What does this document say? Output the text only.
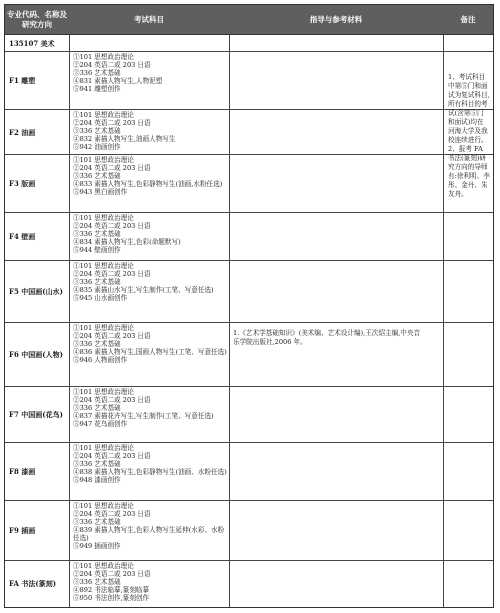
专业代码、名称及研究方向
考试科目	指导与参考材料	备注
135107 美术
F1 雕塑
①101 思想政治理论
②204 英语二或 203 日语
③336 艺术基础
④831 素描人物写生,人物泥塑
⑤941 雕塑创作
F2 油画
①101 思想政治理论
②204 英语二或 203 日语
③336 艺术基础
④832 素描人物写生,油画人物写生
⑤942 油画创作
F3 版画
①101 思想政治理论
②204 英语二或 203 日语
③336 艺术基础
④833 素描人物写生,色彩静物写生(油画,水粉任选)
⑤943 黑白画创作
F4 壁画
①101 思想政治理论
②204 英语二或 203 日语
③336 艺术基础
④834 素描人物写生,色彩(命题默写)
⑤944 壁画创作
F5 中国画(山水)
①101 思想政治理论
②204 英语二或 203 日语
③336 艺术基础
④835 素描山水写生,写生制作(工笔、写意任选)
⑤945 山水画创作
F6 中国画(人物)
①101 思想政治理论
②204 英语二或 203 日语
③336 艺术基础
④836 素描人物写生,国画人物写生(工笔、写意任选)
⑤946 人物画创作
F7 中国画(花鸟)
①101 思想政治理论
②204 英语二或 203 日语
③336 艺术基础
④837 素描花卉写生,写生制作(工笔、写意任选)
⑤947 花鸟画创作
F8 漆画
①101 思想政治理论
②204 英语二或 203 日语
③336 艺术基础
④838 素描人物写生,色彩静物写生(油画、水粉任选)
⑤948 漆画创作
F9 插画
①101 思想政治理论
②204 英语二或 203 日语
③336 艺术基础
④839 素描人物写生,色彩人物写生延伸(水彩、水粉任选)
⑤949 插画创作
FA 书法(篆刻)
①101 思想政治理论
②204 英语二或 203 日语
③336 艺术基础
④892 书法临摹,篆刻临摹
⑤950 书法创作,篆刻创作
1.《艺术学基础知识》(美术编、艺术设计编),王次炤主编,中央音乐学院出版社,2006 年。
1、考试科目中第⑤门和面试为复试科目,所有科目的考试(含第⑤门和面试)均在河海大学及我校连续进行。
2、报考 FA 书法(篆刻)研究方向的导师有:徐利明、李彤、金丹、朱友舟。
